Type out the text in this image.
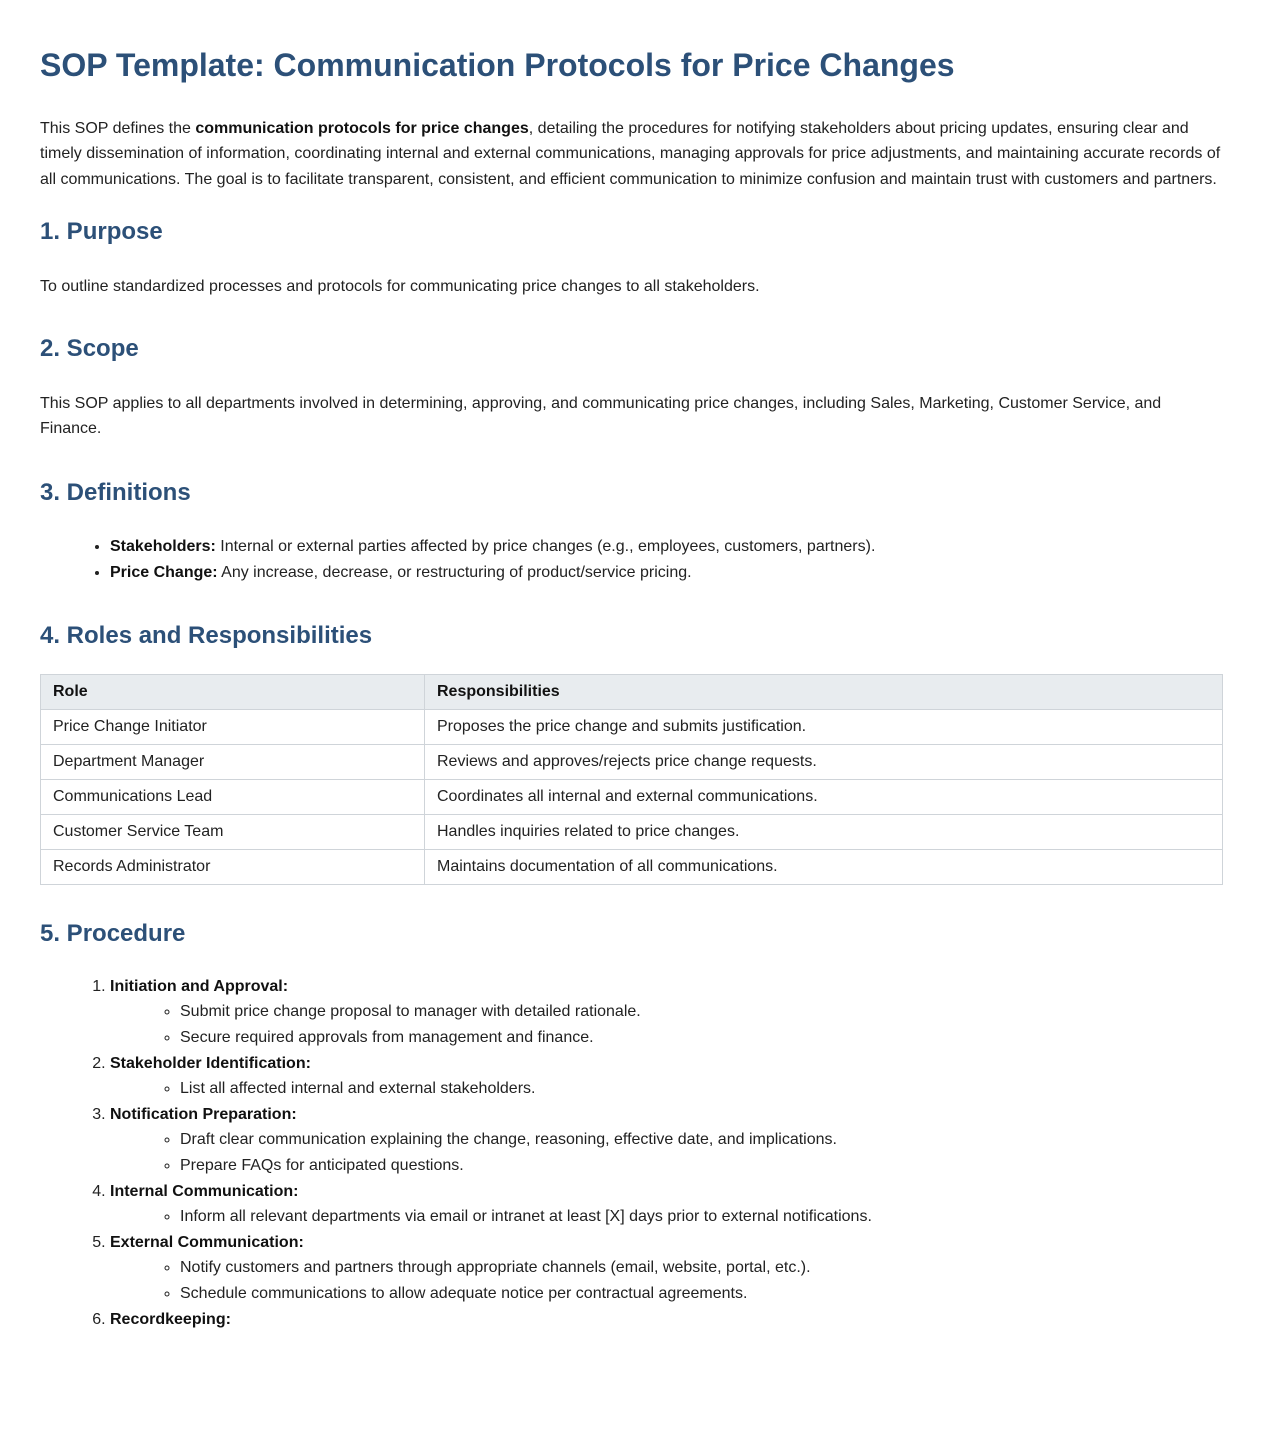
SOP Template: Communication Protocols for Price Changes

This SOP defines the communication protocols for price changes, detailing the procedures for notifying stakeholders about pricing updates, ensuring clear and timely dissemination of information, coordinating internal and external communications, managing approvals for price adjustments, and maintaining accurate records of all communications. The goal is to facilitate transparent, consistent, and efficient communication to minimize confusion and maintain trust with customers and partners.

1. Purpose

To outline standardized processes and protocols for communicating price changes to all stakeholders.

2. Scope

This SOP applies to all departments involved in determining, approving, and communicating price changes, including Sales, Marketing, Customer Service, and Finance.

3. Definitions
• Stakeholders: Internal or external parties affected by price changes (e.g., employees, customers, partners).
• Price Change: Any increase, decrease, or restructuring of product/service pricing.
4. Roles and Responsibilities
Role	Responsibilities
Price Change Initiator	Proposes the price change and submits justification.
Department Manager	Reviews and approves/rejects price change requests.
Communications Lead	Coordinates all internal and external communications.
Customer Service Team	Handles inquiries related to price changes.
Records Administrator	Maintains documentation of all communications.
5. Procedure
1. Initiation and Approval:
◦ Submit price change proposal to manager with detailed rationale.
◦ Secure required approvals from management and finance.
2. Stakeholder Identification:
◦ List all affected internal and external stakeholders.
3. Notification Preparation:
◦ Draft clear communication explaining the change, reasoning, effective date, and implications.
◦ Prepare FAQs for anticipated questions.
4. Internal Communication:
◦ Inform all relevant departments via email or intranet at least [X] days prior to external notifications.
5. External Communication:
◦ Notify customers and partners through appropriate channels (email, website, portal, etc.).
◦ Schedule communications to allow adequate notice per contractual agreements.
6. Recordkeeping:
